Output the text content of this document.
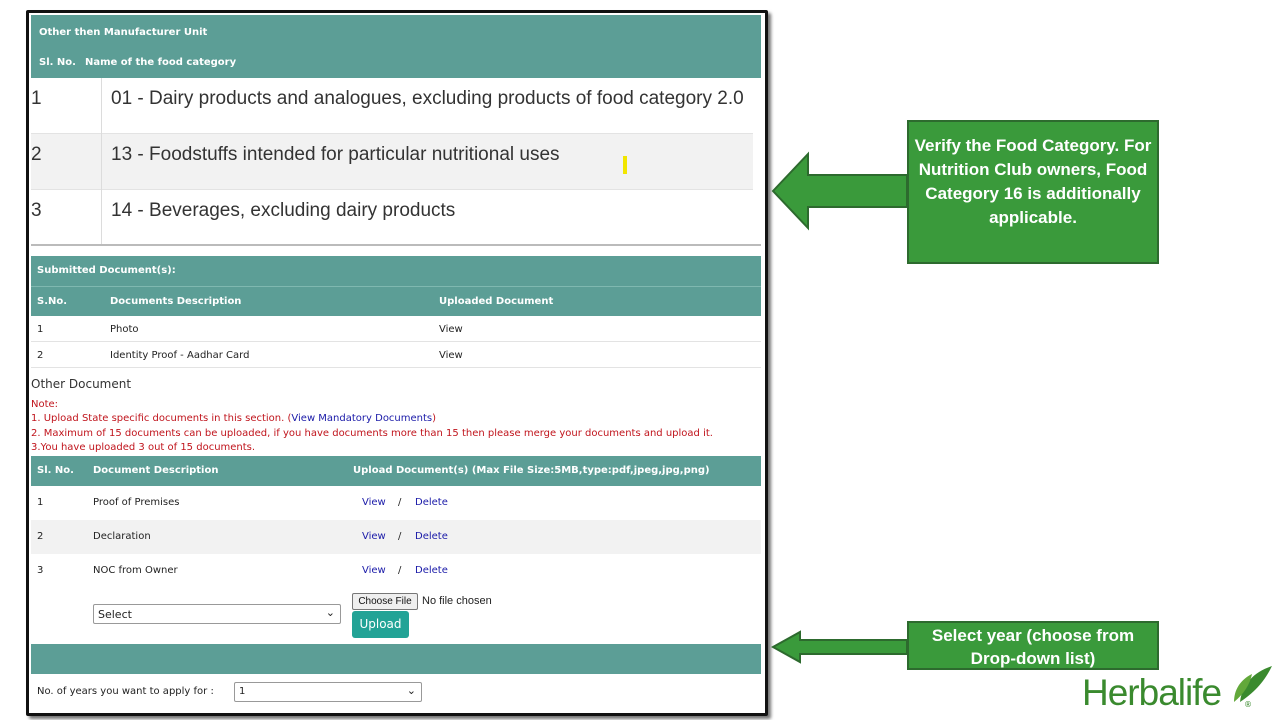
Other then Manufacturer Unit
Sl. No. Name of the food category
1	01 - Dairy products and analogues, excluding products of food category 2.0
2	13 - Foodstuffs intended for particular nutritional uses
3	14 - Beverages, excluding dairy products
Submitted Document(s):
S.No.	Documents Description	Uploaded Document
1	Photo	View
2	Identity Proof - Aadhar Card	View
Other Document
Note:
1. Upload State specific documents in this section. (View Mandatory Documents)
2. Maximum of 15 documents can be uploaded, if you have documents more than 15 then please merge your documents and upload it.
3.You have uploaded 3 out of 15 documents.
Sl. No. Document Description	Upload Document(s) (Max File Size:5MB,type:pdf,jpeg,jpg,png)
1	Proof of Premises	View / Delete
2	Declaration	View / Delete
3	NOC from Owner	View / Delete
Select	⌄
Choose File No file chosen
Upload
No. of years you want to apply for :	1	⌄
Verify the Food Category. For Nutrition Club owners, Food Category 16 is additionally applicable.
Select year (choose from Drop-down list)
Herbalife	®
